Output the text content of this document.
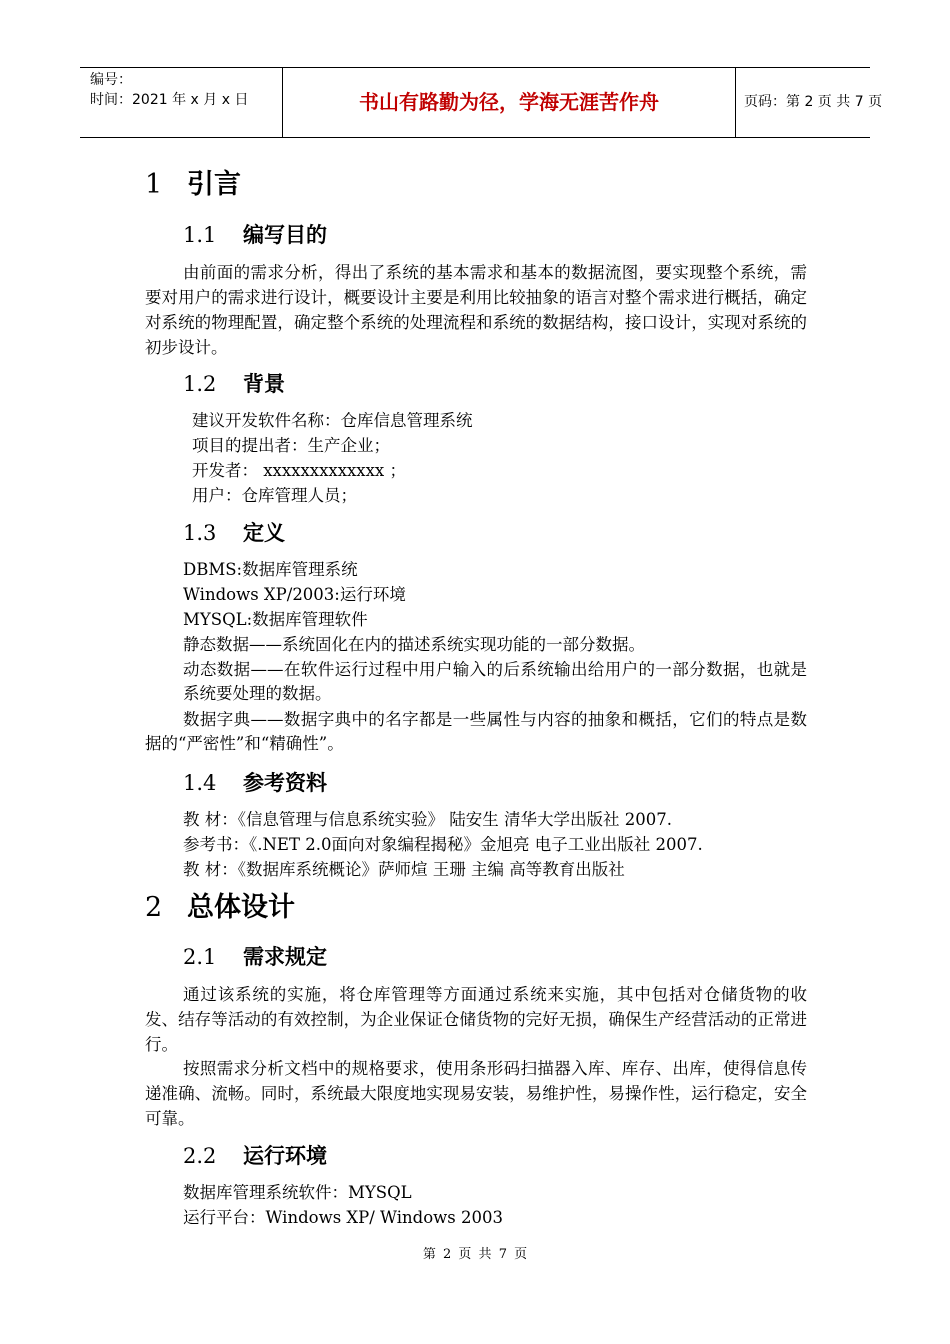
编号：
时间：2021 年 x 月 x 日	书山有路勤为径，学海无涯苦作舟	页码：第 2 页 共 7 页
1 引言
1.1 编写目的

由前面的需求分析，得出了系统的基本需求和基本的数据流图，要实现整个系统，需要对用户的需求进行设计，概要设计主要是利用比较抽象的语言对整个需求进行概括，确定对系统的物理配置，确定整个系统的处理流程和系统的数据结构，接口设计，实现对系统的初步设计。

1.2 背景

建议开发软件名称：仓库信息管理系统

项目的提出者：生产企业；

开发者： xxxxxxxxxxxxx ；

用户：仓库管理人员；

1.3 定义

DBMS:数据库管理系统

Windows XP/2003:运行环境

MYSQL:数据库管理软件

静态数据——系统固化在内的描述系统实现功能的一部分数据。

动态数据——在软件运行过程中用户输入的后系统输出给用户的一部分数据，也就是系统要处理的数据。

数据字典——数据字典中的名字都是一些属性与内容的抽象和概括，它们的特点是数据的“严密性”和“精确性”。

1.4 参考资料

教 材：《信息管理与信息系统实验》 陆安生 清华大学出版社 2007.

参考书：《.NET 2.0面向对象编程揭秘》金旭亮 电子工业出版社 2007.

教 材：《数据库系统概论》萨师煊 王珊 主编 高等教育出版社

2 总体设计
2.1 需求规定

通过该系统的实施，将仓库管理等方面通过系统来实施，其中包括对仓储货物的收发、结存等活动的有效控制，为企业保证仓储货物的完好无损，确保生产经营活动的正常进行。

按照需求分析文档中的规格要求，使用条形码扫描器入库、库存、出库，使得信息传递准确、流畅。同时，系统最大限度地实现易安装，易维护性，易操作性，运行稳定，安全可靠。

2.2 运行环境

数据库管理系统软件：MYSQL

运行平台：Windows XP/ Windows 2003

第 2 页 共 7 页
